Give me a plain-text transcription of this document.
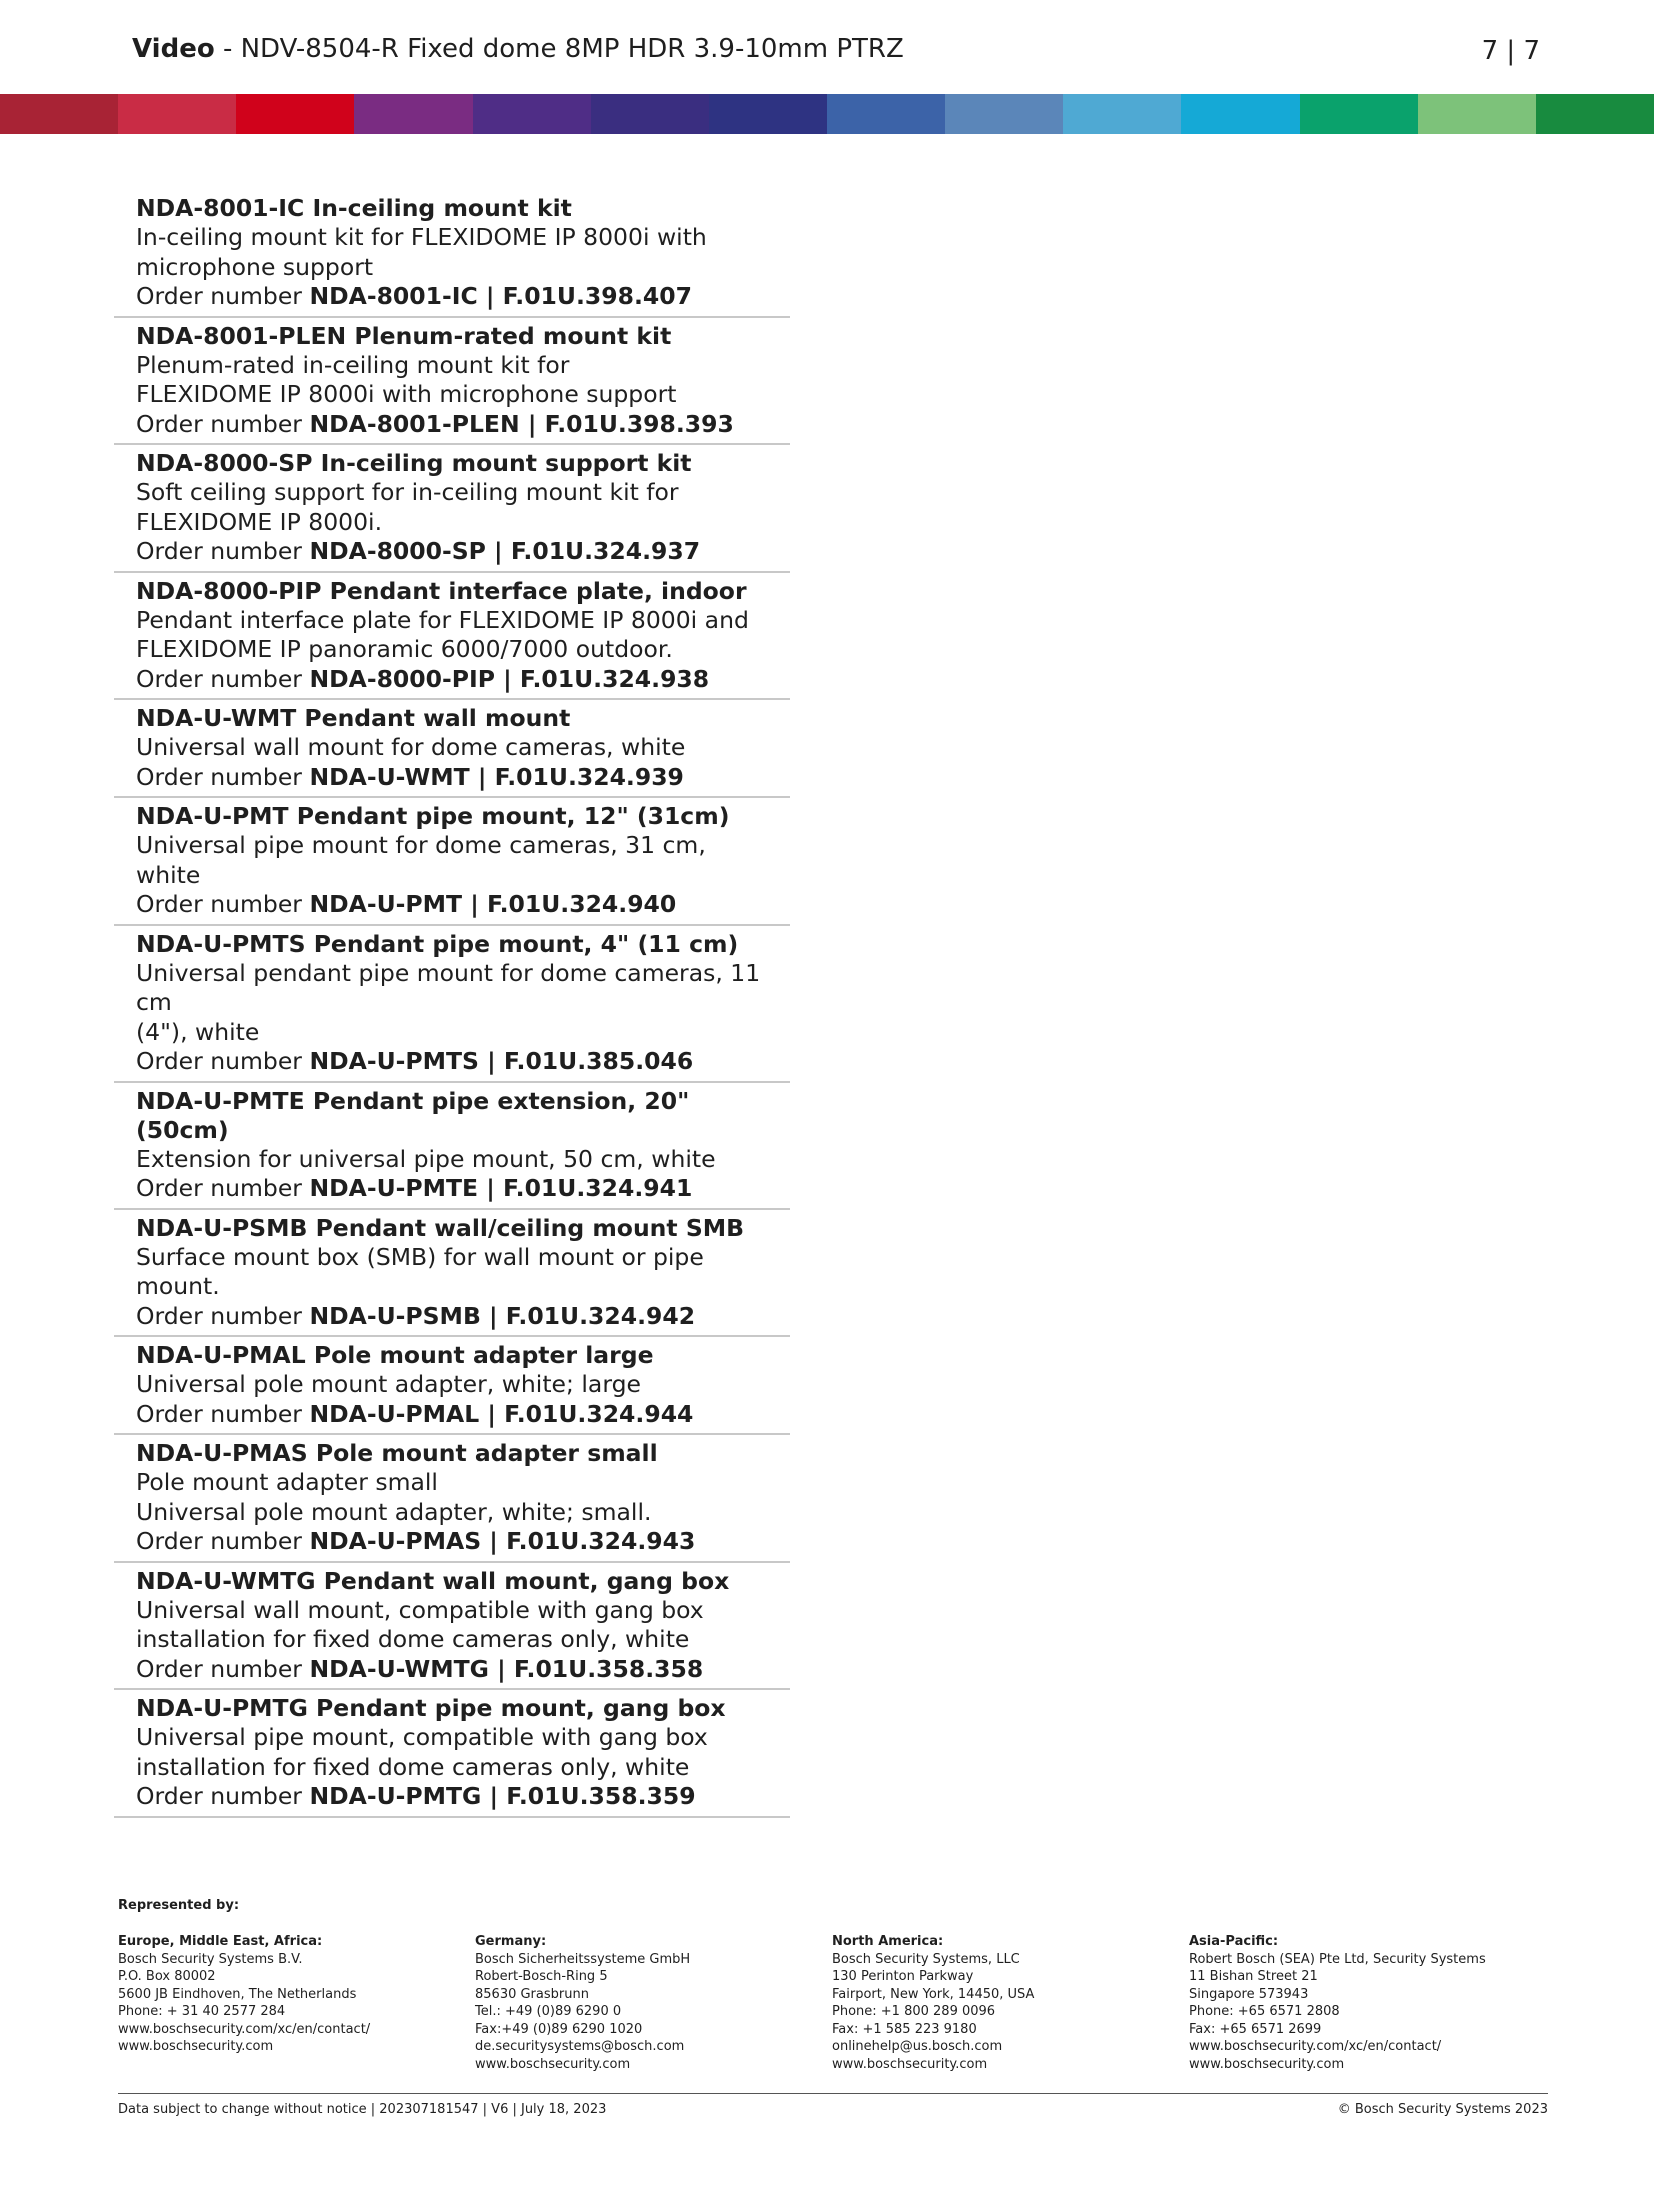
Video - NDV-8504-R Fixed dome 8MP HDR 3.9-10mm PTRZ	7 | 7
NDA-8001-IC In-ceiling mount kit
In-ceiling mount kit for FLEXIDOME IP 8000i with
microphone support
Order number NDA-8001-IC | F.01U.398.407
NDA-8001-PLEN Plenum-rated mount kit
Plenum-rated in-ceiling mount kit for
FLEXIDOME IP 8000i with microphone support
Order number NDA-8001-PLEN | F.01U.398.393
NDA-8000-SP In-ceiling mount support kit
Soft ceiling support for in-ceiling mount kit for
FLEXIDOME IP 8000i.
Order number NDA-8000-SP | F.01U.324.937
NDA-8000-PIP Pendant interface plate, indoor
Pendant interface plate for FLEXIDOME IP 8000i and
FLEXIDOME IP panoramic 6000/7000 outdoor.
Order number NDA-8000-PIP | F.01U.324.938
NDA-U-WMT Pendant wall mount
Universal wall mount for dome cameras, white
Order number NDA-U-WMT | F.01U.324.939
NDA-U-PMT Pendant pipe mount, 12" (31cm)
Universal pipe mount for dome cameras, 31 cm, white
Order number NDA-U-PMT | F.01U.324.940
NDA-U-PMTS Pendant pipe mount, 4" (11 cm)
Universal pendant pipe mount for dome cameras, 11 cm
(4"), white
Order number NDA-U-PMTS | F.01U.385.046
NDA-U-PMTE Pendant pipe extension, 20" (50cm)
Extension for universal pipe mount, 50 cm, white
Order number NDA-U-PMTE | F.01U.324.941
NDA-U-PSMB Pendant wall/ceiling mount SMB
Surface mount box (SMB) for wall mount or pipe mount.
Order number NDA-U-PSMB | F.01U.324.942
NDA-U-PMAL Pole mount adapter large
Universal pole mount adapter, white; large
Order number NDA-U-PMAL | F.01U.324.944
NDA-U-PMAS Pole mount adapter small
Pole mount adapter small
Universal pole mount adapter, white; small.
Order number NDA-U-PMAS | F.01U.324.943
NDA-U-WMTG Pendant wall mount, gang box
Universal wall mount, compatible with gang box
installation for fixed dome cameras only, white
Order number NDA-U-WMTG | F.01U.358.358
NDA-U-PMTG Pendant pipe mount, gang box
Universal pipe mount, compatible with gang box
installation for fixed dome cameras only, white
Order number NDA-U-PMTG | F.01U.358.359
Represented by:
Europe, Middle East, Africa:
Bosch Security Systems B.V.
P.O. Box 80002
5600 JB Eindhoven, The Netherlands
Phone: + 31 40 2577 284
www.boschsecurity.com/xc/en/contact/
www.boschsecurity.com
Germany:
Bosch Sicherheitssysteme GmbH
Robert-Bosch-Ring 5
85630 Grasbrunn
Tel.: +49 (0)89 6290 0
Fax:+49 (0)89 6290 1020
de.securitysystems@bosch.com
www.boschsecurity.com
North America:
Bosch Security Systems, LLC
130 Perinton Parkway
Fairport, New York, 14450, USA
Phone: +1 800 289 0096
Fax: +1 585 223 9180
onlinehelp@us.bosch.com
www.boschsecurity.com
Asia-Pacific:
Robert Bosch (SEA) Pte Ltd, Security Systems
11 Bishan Street 21
Singapore 573943
Phone: +65 6571 2808
Fax: +65 6571 2699
www.boschsecurity.com/xc/en/contact/
www.boschsecurity.com
Data subject to change without notice | 202307181547 | V6 | July 18, 2023	© Bosch Security Systems 2023
